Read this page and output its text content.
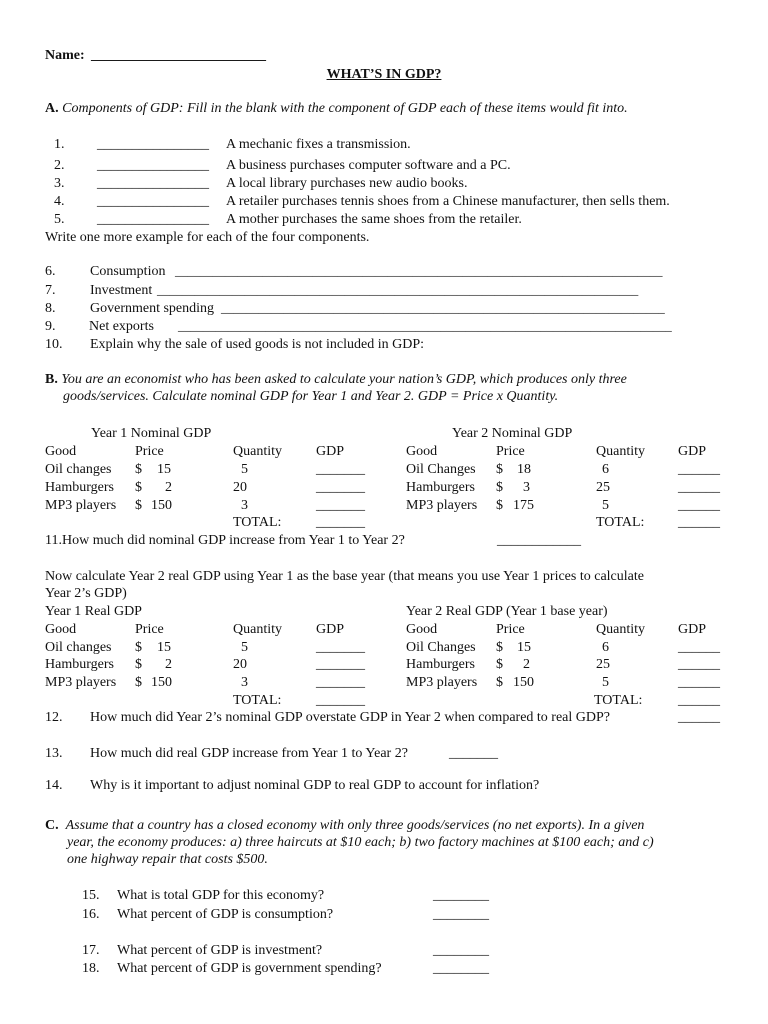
Name: _________________________
WHAT’S IN GDP?
A. Components of GDP: Fill in the blank with the component of GDP each of these items would fit into.
1. ________________ A mechanic fixes a transmission.
2. ________________ A business purchases computer software and a PC.
3. ________________ A local library purchases new audio books.
4. ________________ A retailer purchases tennis shoes from a Chinese manufacturer, then sells them.
5. ________________ A mother purchases the same shoes from the retailer.
Write one more example for each of the four components.
6. Consumption ______________________________________________________________________________
7. Investment _____________________________________________________________________________
8. Government spending _______________________________________________________________________
9. Net exports _______________________________________________________________________________
10. Explain why the sale of used goods is not included in GDP:
B. You are an economist who has been asked to calculate your nation’s GDP, which produces only three
goods/services. Calculate nominal GDP for Year 1 and Year 2. GDP = Price x Quantity.
Year 1 Nominal GDP
Good	Price	Quantity GDP
Oil changes $ 15	5	_______
Hamburgers $ 2	20	_______
MP3 players $ 150	3	_______
TOTAL: _______
Year 2 Nominal GDP
Good	Price	Quantity GDP
Oil Changes $ 18	6	______
Hamburgers $ 3	25	______
MP3 players $ 175	5	______
TOTAL: ______
11.How much did nominal GDP increase from Year 1 to Year 2?	____________
Now calculate Year 2 real GDP using Year 1 as the base year (that means you use Year 1 prices to calculate
Year 2’s GDP)
Year 1 Real GDP
Good	Price	Quantity GDP
Oil changes $ 15	5	_______
Hamburgers $ 2	20	_______
MP3 players $ 150	3	_______
TOTAL: _______
Year 2 Real GDP (Year 1 base year)
Good	Price	Quantity GDP
Oil Changes $ 15	6	______
Hamburgers $ 2	25	______
MP3 players $ 150	5	______
TOTAL:	______
12. How much did Year 2’s nominal GDP overstate GDP in Year 2 when compared to real GDP?	______
13. How much did real GDP increase from Year 1 to Year 2?	_______
14. Why is it important to adjust nominal GDP to real GDP to account for inflation?
C. Assume that a country has a closed economy with only three goods/services (no net exports). In a given
year, the economy produces: a) three haircuts at $10 each; b) two factory machines at $100 each; and c)
one highway repair that costs $500.
15. What is total GDP for this economy?	________
16. What percent of GDP is consumption?	________
17. What percent of GDP is investment?	________
18. What percent of GDP is government spending?	________
